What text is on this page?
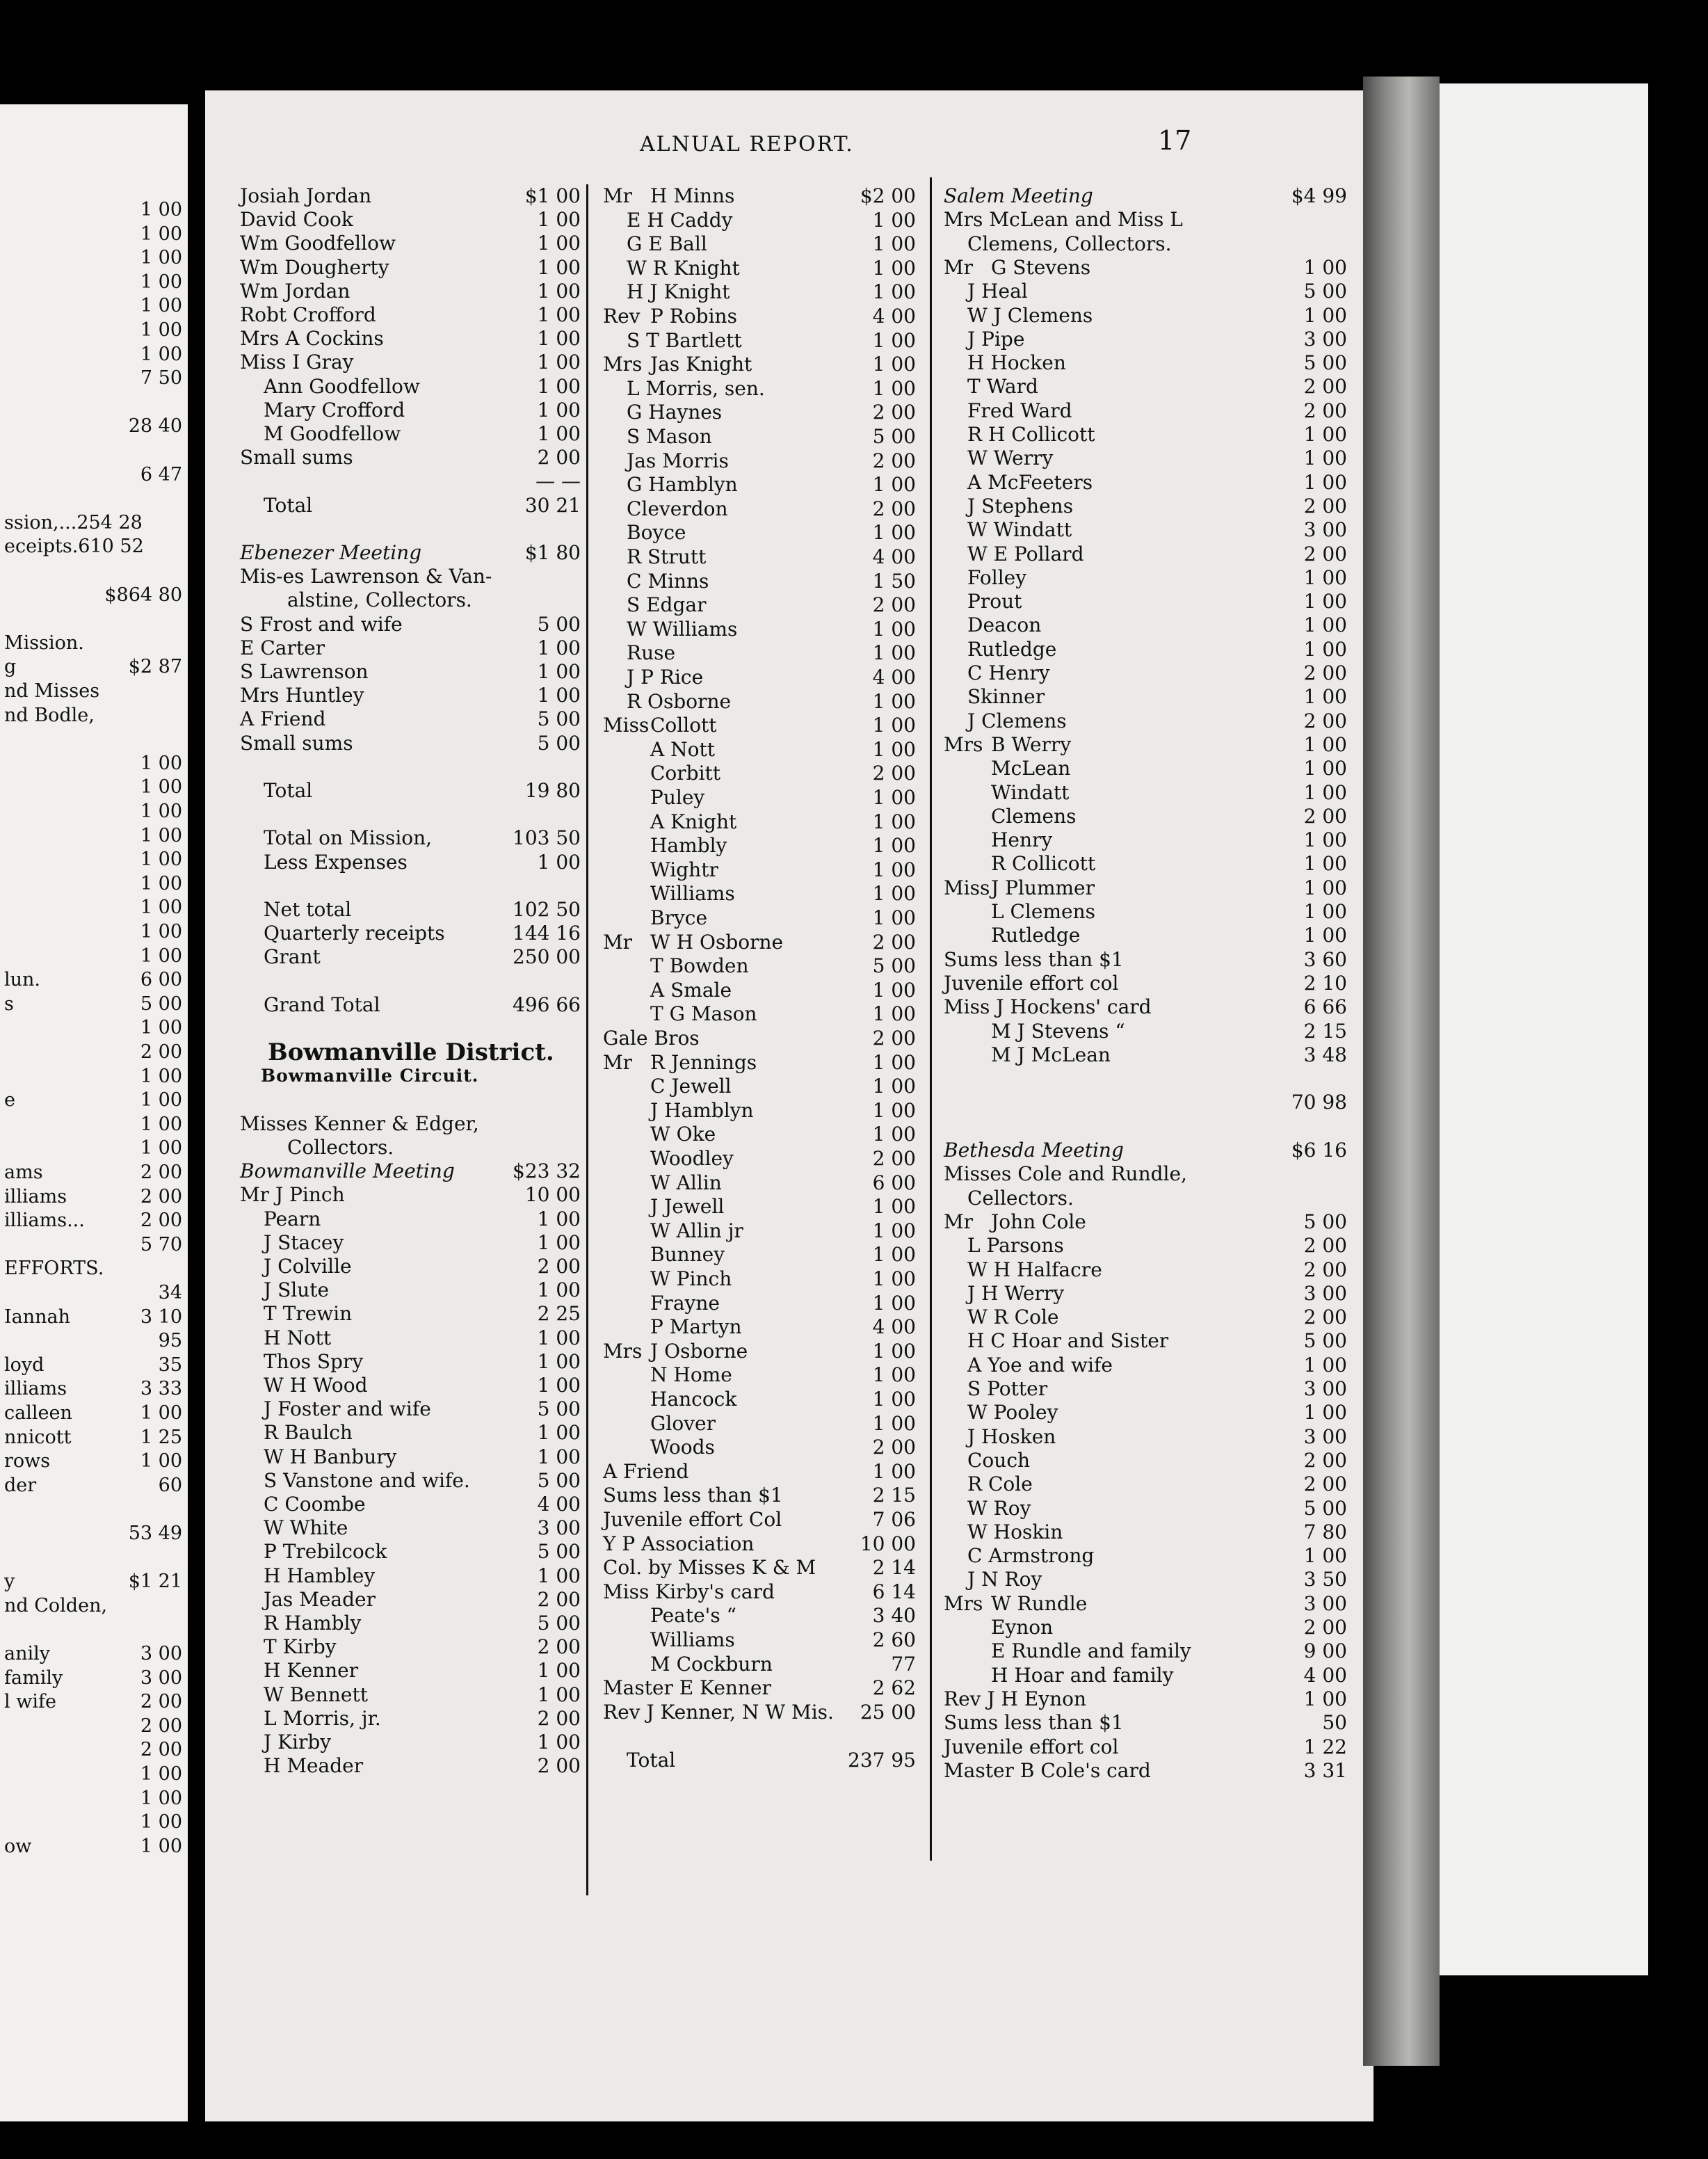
1 00
1 00
1 00
1 00
1 00
1 00
1 00
7 50
28 40
6 47
ssion,...254 28
eceipts.610 52
$864 80
Mission.
g	$2 87
nd Misses
nd Bodle,
1 00
1 00
1 00
1 00
1 00
1 00
1 00
1 00
1 00
lun.	6 00
s	5 00
1 00
2 00
1 00
e	1 00
1 00
1 00
ams	2 00
illiams	2 00
illiams...	2 00
5 70
EFFORTS.
34
Iannah	3 10
95
loyd	35
illiams	3 33
calleen	1 00
nnicott	1 25
rows	1 00
der	60
53 49
y	$1 21
nd Colden,
anily	3 00
family	3 00
l wife	2 00
2 00
2 00
1 00
1 00
1 00
ow	1 00
ALNUAL REPORT.	17
Josiah Jordan	$1 00
David Cook	1 00
Wm Goodfellow	1 00
Wm Dougherty	1 00
Wm Jordan	1 00
Robt Crofford	1 00
Mrs A Cockins	1 00
Miss I Gray	1 00
Ann Goodfellow	1 00
Mary Crofford	1 00
M Goodfellow	1 00
Small sums	2 00
— —
Total	30 21
Ebenezer Meeting	$1 80
Mis-es Lawrenson & Van-
alstine, Collectors.
S Frost and wife	5 00
E Carter	1 00
S Lawrenson	1 00
Mrs Huntley	1 00
A Friend	5 00
Small sums	5 00
Total	19 80
Total on Mission,	103 50
Less Expenses	1 00
Net total	102 50
Quarterly receipts	144 16
Grant	250 00
Grand Total	496 66
Bowmanville District.
Bowmanville Circuit.
Misses Kenner & Edger,
Collectors.
Bowmanville Meeting	$23 32
Mr J Pinch	10 00
Pearn	1 00
J Stacey	1 00
J Colville	2 00
J Slute	1 00
T Trewin	2 25
H Nott	1 00
Thos Spry	1 00
W H Wood	1 00
J Foster and wife	5 00
R Baulch	1 00
W H Banbury	1 00
S Vanstone and wife.	5 00
C Coombe	4 00
W White	3 00
P Trebilcock	5 00
H Hambley	1 00
Jas Meader	2 00
R Hambly	5 00
T Kirby	2 00
H Kenner	1 00
W Bennett	1 00
L Morris, jr.	2 00
J Kirby	1 00
H Meader	2 00
Mr H Minns	$2 00
E H Caddy	1 00
G E Ball	1 00
W R Knight	1 00
H J Knight	1 00
Rev P Robins	4 00
S T Bartlett	1 00
Mrs Jas Knight	1 00
L Morris, sen.	1 00
G Haynes	2 00
S Mason	5 00
Jas Morris	2 00
G Hamblyn	1 00
Cleverdon	2 00
Boyce	1 00
R Strutt	4 00
C Minns	1 50
S Edgar	2 00
W Williams	1 00
Ruse	1 00
J P Rice	4 00
R Osborne	1 00
Miss Collott	1 00
A Nott	1 00
Corbitt	2 00
Puley	1 00
A Knight	1 00
Hambly	1 00
Wightr	1 00
Williams	1 00
Bryce	1 00
Mr W H Osborne	2 00
T Bowden	5 00
A Smale	1 00
T G Mason	1 00
Gale Bros	2 00
Mr R Jennings	1 00
C Jewell	1 00
J Hamblyn	1 00
W Oke	1 00
Woodley	2 00
W Allin	6 00
J Jewell	1 00
W Allin jr	1 00
Bunney	1 00
W Pinch	1 00
Frayne	1 00
P Martyn	4 00
Mrs J Osborne	1 00
N Home	1 00
Hancock	1 00
Glover	1 00
Woods	2 00
A Friend	1 00
Sums less than $1	2 15
Juvenile effort Col	7 06
Y P Association	10 00
Col. by Misses K & M	2 14
Miss Kirby's card	6 14
Peate's “	3 40
Williams	2 60
M Cockburn	77
Master E Kenner	2 62
Rev J Kenner, N W Mis. 25 00
Total	237 95
Salem Meeting	$4 99
Mrs McLean and Miss L
Clemens, Collectors.
Mr G Stevens	1 00
J Heal	5 00
W J Clemens	1 00
J Pipe	3 00
H Hocken	5 00
T Ward	2 00
Fred Ward	2 00
R H Collicott	1 00
W Werry	1 00
A McFeeters	1 00
J Stephens	2 00
W Windatt	3 00
W E Pollard	2 00
Folley	1 00
Prout	1 00
Deacon	1 00
Rutledge	1 00
C Henry	2 00
Skinner	1 00
J Clemens	2 00
Mrs B Werry	1 00
McLean	1 00
Windatt	1 00
Clemens	2 00
Henry	1 00
R Collicott	1 00
Miss J Plummer	1 00
L Clemens	1 00
Rutledge	1 00
Sums less than $1	3 60
Juvenile effort col	2 10
Miss J Hockens' card	6 66
M J Stevens “	2 15
M J McLean	3 48
70 98
Bethesda Meeting	$6 16
Misses Cole and Rundle,
Cellectors.
Mr John Cole	5 00
L Parsons	2 00
W H Halfacre	2 00
J H Werry	3 00
W R Cole	2 00
H C Hoar and Sister	5 00
A Yoe and wife	1 00
S Potter	3 00
W Pooley	1 00
J Hosken	3 00
Couch	2 00
R Cole	2 00
W Roy	5 00
W Hoskin	7 80
C Armstrong	1 00
J N Roy	3 50
Mrs W Rundle	3 00
Eynon	2 00
E Rundle and family	9 00
H Hoar and family	4 00
Rev J H Eynon	1 00
Sums less than $1	50
Juvenile effort col	1 22
Master B Cole's card	3 31
